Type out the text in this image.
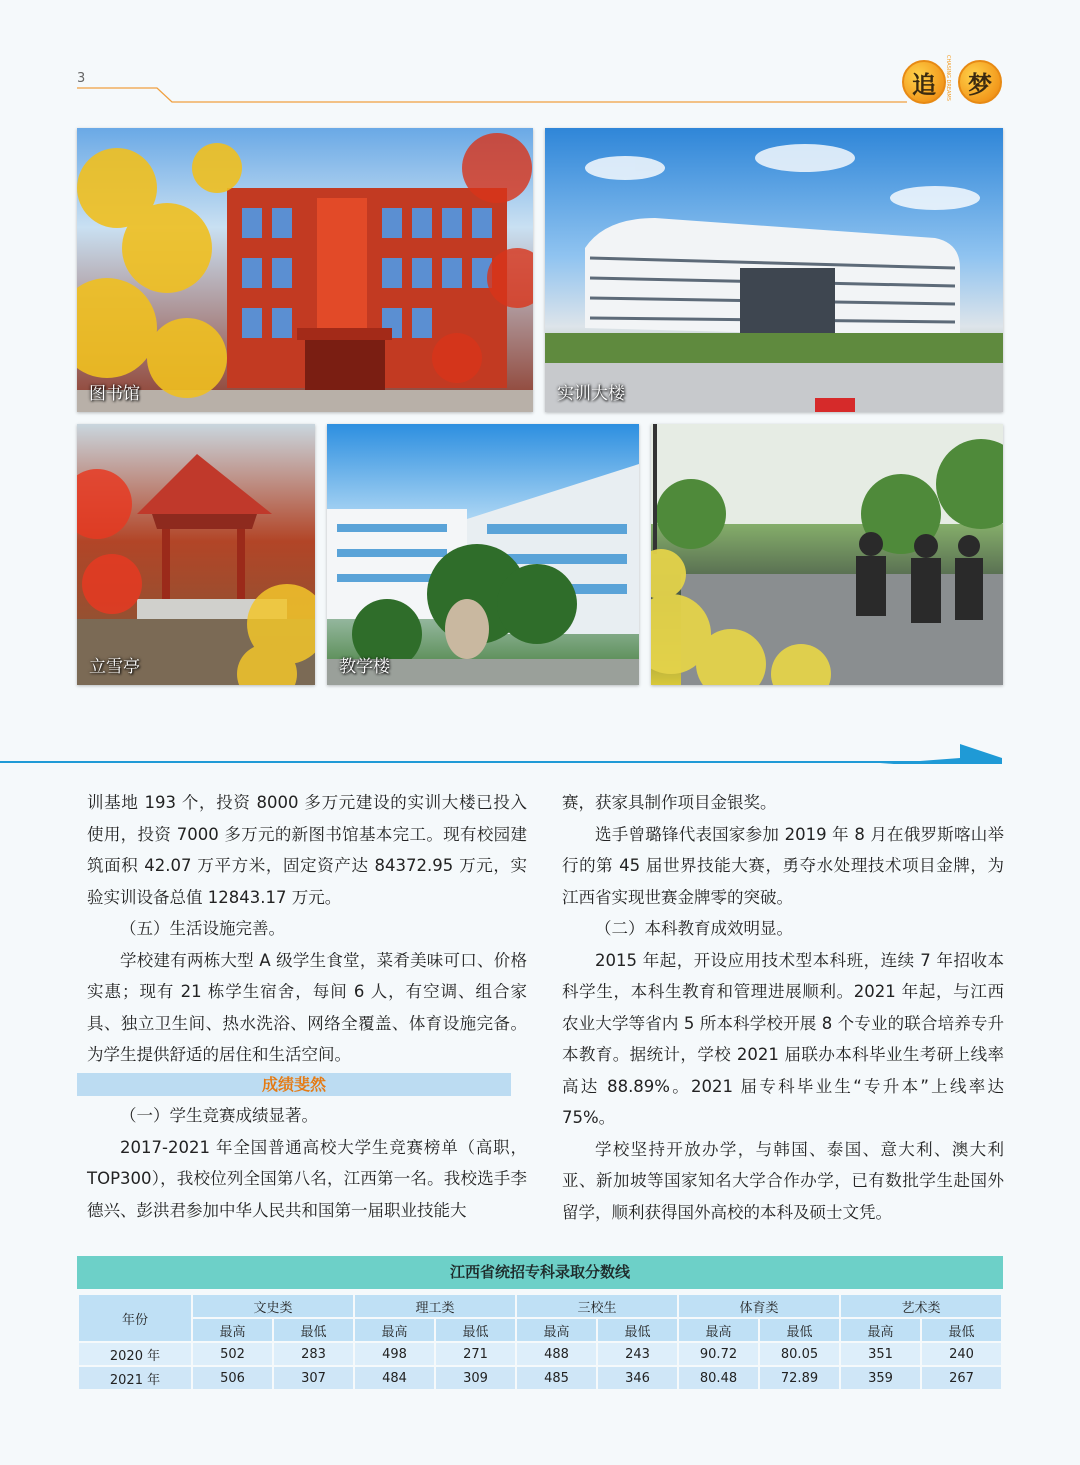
3	追	梦
CHASING DREAMS
图书馆	实训大楼
立雪亭	教学楼

训基地 193 个，投资 8000 多万元建设的实训大楼已投入使用，投资 7000 多万元的新图书馆基本完工。现有校园建筑面积 42.07 万平方米，固定资产达 84372.95 万元，实验实训设备总值 12843.17 万元。

（五）生活设施完善。

学校建有两栋大型 A 级学生食堂，菜肴美味可口、价格实惠；现有 21 栋学生宿舍，每间 6 人，有空调、组合家具、独立卫生间、热水洗浴、网络全覆盖、体育设施完备。为学生提供舒适的居住和生活空间。

成绩斐然

（一）学生竞赛成绩显著。

2017-2021 年全国普通高校大学生竞赛榜单（高职，TOP300），我校位列全国第八名，江西第一名。我校选手李德兴、彭洪君参加中华人民共和国第一届职业技能大

赛，获家具制作项目金银奖。

选手曾璐锋代表国家参加 2019 年 8 月在俄罗斯喀山举行的第 45 届世界技能大赛，勇夺水处理技术项目金牌，为江西省实现世赛金牌零的突破。

（二）本科教育成效明显。

2015 年起，开设应用技术型本科班，连续 7 年招收本科学生，本科生教育和管理进展顺利。2021 年起，与江西农业大学等省内 5 所本科学校开展 8 个专业的联合培养专升本教育。据统计，学校 2021 届联办本科毕业生考研上线率高达 88.89%。2021 届专科毕业生“专升本”上线率达 75%。

学校坚持开放办学，与韩国、泰国、意大利、澳大利亚、新加坡等国家知名大学合作办学，已有数批学生赴国外留学，顺利获得国外高校的本科及硕士文凭。

江西省统招专科录取分数线
年份	文史类		理工类		三校生		体育类		艺术类	
	最高	最低	最高	最低	最高	最低	最高	最低	最高	最低
2020 年	502	283	498	271	488	243	90.72	80.05	351	240
2021 年	506	307	484	309	485	346	80.48	72.89	359	267
